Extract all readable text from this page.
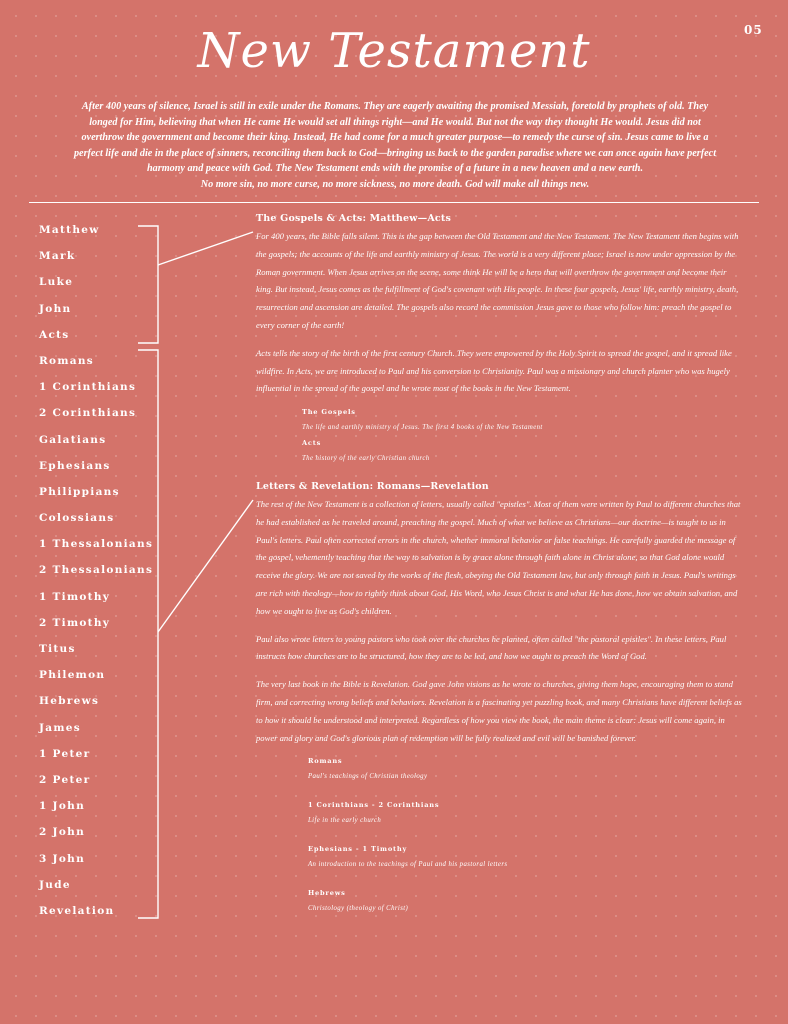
05
New Testament

After 400 years of silence, Israel is still in exile under the Romans. They are eagerly awaiting the promised Messiah, foretold by prophets of old. They longed for Him, believing that when He came He would set all things right—and He would. But not the way they thought He would. Jesus did not overthrow the government and become their king. Instead, He had come for a much greater purpose—to remedy the curse of sin. Jesus came to live a perfect life and die in the place of sinners, reconciling them back to God—bringing us back to the garden paradise where we can once again have perfect harmony and peace with God. The New Testament ends with the promise of a future in a new heaven and a new earth.

No more sin, no more curse, no more sickness, no more death. God will make all things new.

Matthew
Mark
Luke
John
Acts
Romans
1 Corinthians
2 Corinthians
Galatians
Ephesians
Philippians
Colossians
1 Thessalonians
2 Thessalonians
1 Timothy
2 Timothy
Titus
Philemon
Hebrews
James
1 Peter
2 Peter
1 John
2 John
3 John
Jude
Revelation
The Gospels & Acts: Matthew—Acts

For 400 years, the Bible falls silent. This is the gap between the Old Testament and the New Testament. The New Testament then begins with the gospels; the accounts of the life and earthly ministry of Jesus. The world is a very different place; Israel is now under oppression by the Roman government. When Jesus arrives on the scene, some think He will be a hero that will overthrow the government and become their king. But instead, Jesus comes as the fulfillment of God's covenant with His people. In these four gospels, Jesus' life, earthly ministry, death, resurrection and ascension are detailed. The gospels also record the commission Jesus gave to those who follow him: preach the gospel to every corner of the earth!

Acts tells the story of the birth of the first century Church. They were empowered by the Holy Spirit to spread the gospel, and it spread like wildfire. In Acts, we are introduced to Paul and his conversion to Christianity. Paul was a missionary and church planter who was hugely influential in the spread of the gospel and he wrote most of the books in the New Testament.

The Gospels
The life and earthly ministry of Jesus. The first 4 books of the New Testament
Acts
The history of the early Christian church
Letters & Revelation: Romans—Revelation

The rest of the New Testament is a collection of letters, usually called "epistles". Most of them were written by Paul to different churches that he had established as he traveled around, preaching the gospel. Much of what we believe as Christians—our doctrine—is taught to us in Paul's letters. Paul often corrected errors in the church, whether immoral behavior or false teachings. He carefully guarded the message of the gospel, vehemently teaching that the way to salvation is by grace alone through faith alone in Christ alone, so that God alone would receive the glory. We are not saved by the works of the flesh, obeying the Old Testament law, but only through faith in Jesus. Paul's writings are rich with theology—how to rightly think about God, His Word, who Jesus Christ is and what He has done, how we obtain salvation, and how we ought to live as God's children.

Paul also wrote letters to young pastors who took over the churches he planted, often called "the pastoral epistles". In these letters, Paul instructs how churches are to be structured, how they are to be led, and how we ought to preach the Word of God.

The very last book in the Bible is Revelation. God gave John visions as he wrote to churches, giving them hope, encouraging them to stand firm, and correcting wrong beliefs and behaviors. Revelation is a fascinating yet puzzling book, and many Christians have different beliefs as to how it should be understood and interpreted. Regardless of how you view the book, the main theme is clear: Jesus will come again, in power and glory and God's glorious plan of redemption will be fully realized and evil will be banished forever.

Romans
Paul's teachings of Christian theology
1 Corinthians - 2 Corinthians
Life in the early church
Ephesians - 1 Timothy
An introduction to the teachings of Paul and his pastoral letters
Hebrews
Christology (theology of Christ)
